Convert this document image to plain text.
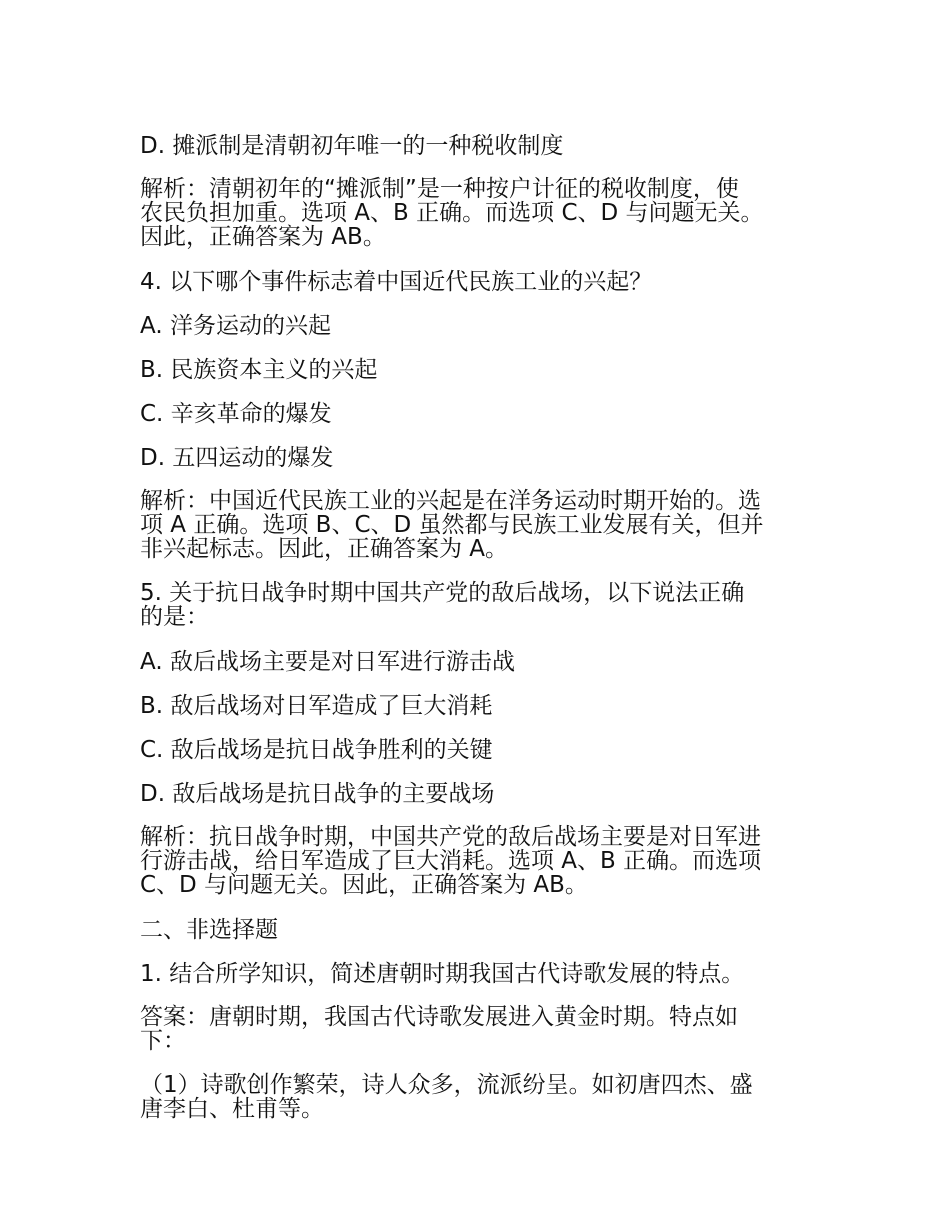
D. 摊派制是清朝初年唯一的一种税收制度

解析：清朝初年的“摊派制”是一种按户计征的税收制度，使
农民负担加重。选项 A、B 正确。而选项 C、D 与问题无关。
因此，正确答案为 AB。

4. 以下哪个事件标志着中国近代民族工业的兴起？

A. 洋务运动的兴起

B. 民族资本主义的兴起

C. 辛亥革命的爆发

D. 五四运动的爆发

解析：中国近代民族工业的兴起是在洋务运动时期开始的。选
项 A 正确。选项 B、C、D 虽然都与民族工业发展有关，但并
非兴起标志。因此，正确答案为 A。

5. 关于抗日战争时期中国共产党的敌后战场，以下说法正确
的是：

A. 敌后战场主要是对日军进行游击战

B. 敌后战场对日军造成了巨大消耗

C. 敌后战场是抗日战争胜利的关键

D. 敌后战场是抗日战争的主要战场

解析：抗日战争时期，中国共产党的敌后战场主要是对日军进
行游击战，给日军造成了巨大消耗。选项 A、B 正确。而选项
C、D 与问题无关。因此，正确答案为 AB。

二、非选择题

1. 结合所学知识，简述唐朝时期我国古代诗歌发展的特点。

答案：唐朝时期，我国古代诗歌发展进入黄金时期。特点如
下：

（1）诗歌创作繁荣，诗人众多，流派纷呈。如初唐四杰、盛
唐李白、杜甫等。
